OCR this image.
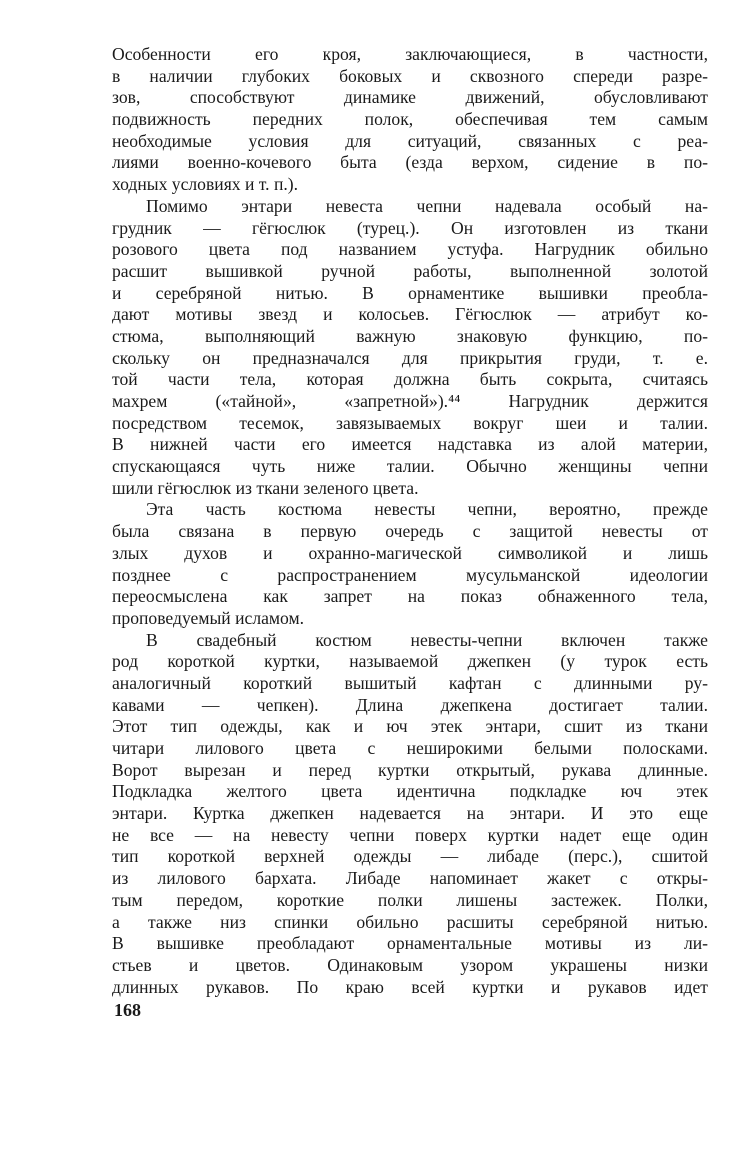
Особенности его кроя, заключающиеся, в частности,
в наличии глубоких боковых и сквозного спереди разре-
зов, способствуют динамике движений, обусловливают
подвижность передних полок, обеспечивая тем самым
необходимые условия для ситуаций, связанных с реа-
лиями военно-кочевого быта (езда верхом, сидение в по-
ходных условиях и т. п.).
Помимо энтари невеста чепни надевала особый на-
грудник — гёгюслюк (турец.). Он изготовлен из ткани
розового цвета под названием устуфа. Нагрудник обильно
расшит вышивкой ручной работы, выполненной золотой
и серебряной нитью. В орнаментике вышивки преобла-
дают мотивы звезд и колосьев. Гёгюслюк — атрибут ко-
стюма, выполняющий важную знаковую функцию, по-
скольку он предназначался для прикрытия груди, т. е.
той части тела, которая должна быть сокрыта, считаясь
махрем («тайной», «запретной»).⁴⁴ Нагрудник держится
посредством тесемок, завязываемых вокруг шеи и талии.
В нижней части его имеется надставка из алой материи,
спускающаяся чуть ниже талии. Обычно женщины чепни
шили гёгюслюк из ткани зеленого цвета.
Эта часть костюма невесты чепни, вероятно, прежде
была связана в первую очередь с защитой невесты от
злых духов и охранно-магической символикой и лишь
позднее с распространением мусульманской идеологии
переосмыслена как запрет на показ обнаженного тела,
проповедуемый исламом.
В свадебный костюм невесты-чепни включен также
род короткой куртки, называемой джепкен (у турок есть
аналогичный короткий вышитый кафтан с длинными ру-
кавами — чепкен). Длина джепкена достигает талии.
Этот тип одежды, как и юч этек энтари, сшит из ткани
читари лилового цвета с неширокими белыми полосками.
Ворот вырезан и перед куртки открытый, рукава длинные.
Подкладка желтого цвета идентична подкладке юч этек
энтари. Куртка джепкен надевается на энтари. И это еще
не все — на невесту чепни поверх куртки надет еще один
тип короткой верхней одежды — либаде (перс.), сшитой
из лилового бархата. Либаде напоминает жакет с откры-
тым передом, короткие полки лишены застежек. Полки,
а также низ спинки обильно расшиты серебряной нитью.
В вышивке преобладают орнаментальные мотивы из ли-
стьев и цветов. Одинаковым узором украшены низки
длинных рукавов. По краю всей куртки и рукавов идет
168
